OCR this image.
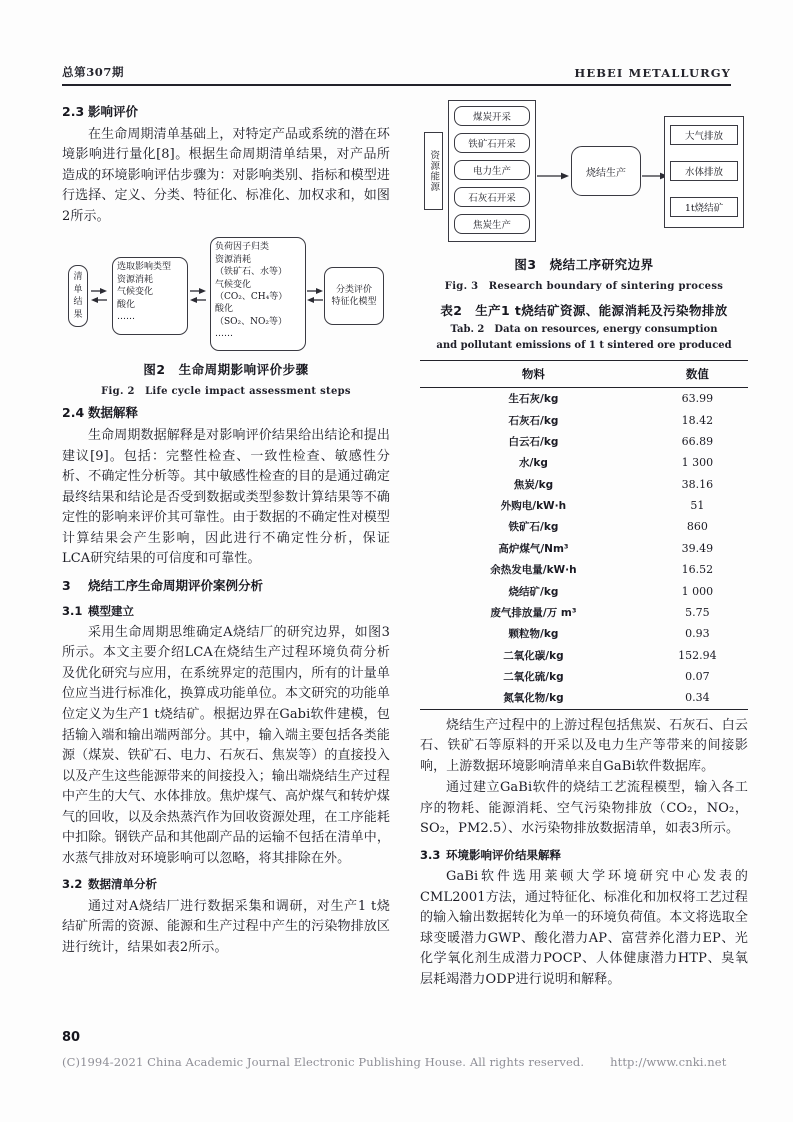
总第307期	HEBEI METALLURGY
2.3 影响评价

在生命周期清单基础上，对特定产品或系统的潜在环境影响进行量化[8]。根据生命周期清单结果，对产品所造成的环境影响评估步骤为：对影响类别、指标和模型进行选择、定义、分类、特征化、标准化、加权求和，如图2所示。

清
单
结
果
选取影响类型
资源消耗
气候变化
酸化
……
负荷因子归类
资源消耗
（铁矿石、水等）
气候变化
（CO₂、CH₄等）
酸化
（SO₂、NO₂等）
……
分类评价
特征化模型
图2　生命周期影响评价步骤
Fig. 2　Life cycle impact assessment steps
2.4 数据解释

生命周期数据解释是对影响评价结果给出结论和提出建议[9]。包括：完整性检查、一致性检查、敏感性分析、不确定性分析等。其中敏感性检查的目的是通过确定最终结果和结论是否受到数据或类型参数计算结果等不确定性的影响来评价其可靠性。由于数据的不确定性对模型计算结果会产生影响，因此进行不确定性分析，保证LCA研究结果的可信度和可靠性。

3 烧结工序生命周期评价案例分析
3.1 模型建立

采用生命周期思维确定A烧结厂的研究边界，如图3所示。本文主要介绍LCA在烧结生产过程环境负荷分析及优化研究与应用，在系统界定的范围内，所有的计量单位应当进行标准化，换算成功能单位。本文研究的功能单位定义为生产1 t烧结矿。根据边界在Gabi软件建模，包括输入端和输出端两部分。其中，输入端主要包括各类能源（煤炭、铁矿石、电力、石灰石、焦炭等）的直接投入以及产生这些能源带来的间接投入；输出端烧结生产过程中产生的大气、水体排放。焦炉煤气、高炉煤气和转炉煤气的回收，以及余热蒸汽作为回收资源处理，在工序能耗中扣除。钢铁产品和其他副产品的运输不包括在清单中，水蒸气排放对环境影响可以忽略，将其排除在外。

3.2 数据清单分析

通过对A烧结厂进行数据采集和调研，对生产1 t烧结矿所需的资源、能源和生产过程中产生的污染物排放区进行统计，结果如表2所示。

资源能源
煤炭开采
铁矿石开采
电力生产
石灰石开采
焦炭生产
烧结生产
大气排放
水体排放
1t烧结矿
图3　烧结工序研究边界
Fig. 3　Research boundary of sintering process
表2　生产1 t烧结矿资源、能源消耗及污染物排放
Tab. 2　Data on resources, energy consumption
and pollutant emissions of 1 t sintered ore produced
物料	数值
生石灰/kg	63.99
石灰石/kg	18.42
白云石/kg	66.89
水/kg	1 300
焦炭/kg	38.16
外购电/kW·h	51
铁矿石/kg	860
高炉煤气/Nm³	39.49
余热发电量/kW·h	16.52
烧结矿/kg	1 000
废气排放量/万 m³	5.75
颗粒物/kg	0.93
二氧化碳/kg	152.94
二氧化硫/kg	0.07
氮氧化物/kg	0.34

烧结生产过程中的上游过程包括焦炭、石灰石、白云石、铁矿石等原料的开采以及电力生产等带来的间接影响，上游数据环境影响清单来自GaBi软件数据库。

通过建立GaBi软件的烧结工艺流程模型，输入各工序的物耗、能源消耗、空气污染物排放（CO₂，NO₂，SO₂，PM2.5）、水污染物排放数据清单，如表3所示。

3.3 环境影响评价结果解释

GaBi软件选用莱顿大学环境研究中心发表的CML2001方法，通过特征化、标准化和加权将工艺过程的输入输出数据转化为单一的环境负荷值。本文将选取全球变暖潜力GWP、酸化潜力AP、富营养化潜力EP、光化学氧化剂生成潜力POCP、人体健康潜力HTP、臭氧层耗竭潜力ODP进行说明和解释。

80
(C)1994-2021 China Academic Journal Electronic Publishing House. All rights reserved. http://www.cnki.net
